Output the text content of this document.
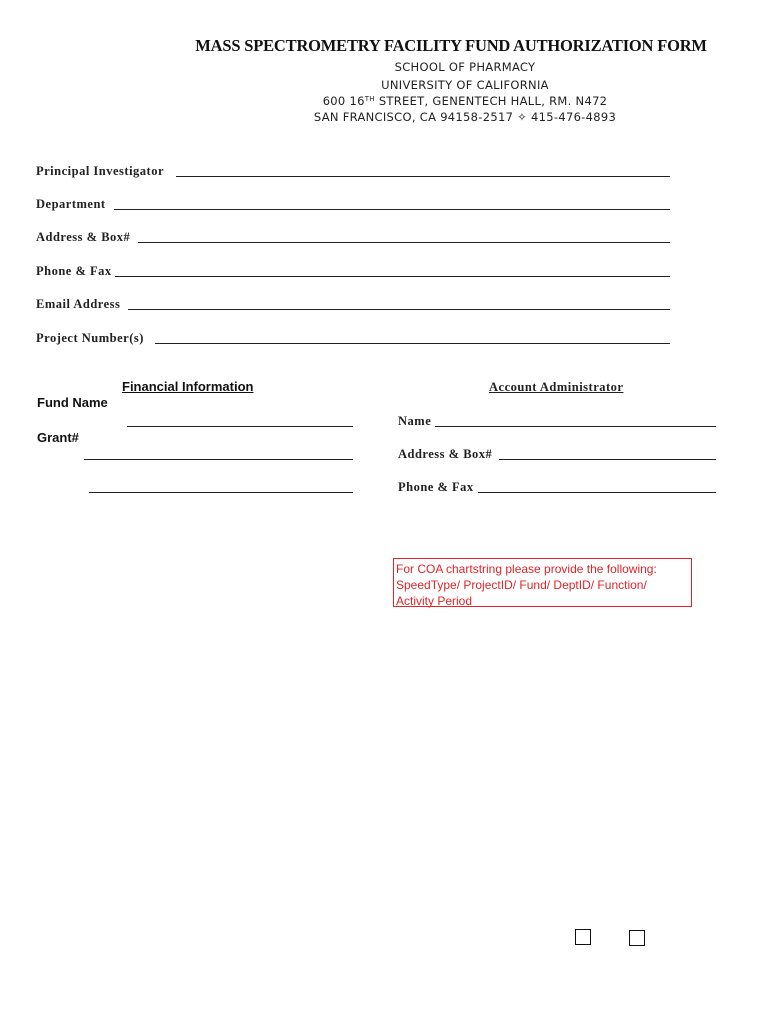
MASS SPECTROMETRY FACILITY FUND AUTHORIZATION FORM
SCHOOL OF PHARMACY
UNIVERSITY OF CALIFORNIA
600 16TH STREET, GENENTECH HALL, RM. N472
SAN FRANCISCO, CA 94158-2517 ✧ 415-476-4893
Principal Investigator
Department
Address & Box#
Phone & Fax
Email Address
Project Number(s)
Financial Information
Fund Name
Grant#
Account Administrator
Name
Address & Box#
Phone & Fax
For COA chartstring please provide the following:
SpeedType/ ProjectID/ Fund/ DeptID/ Function/
Activity Period
